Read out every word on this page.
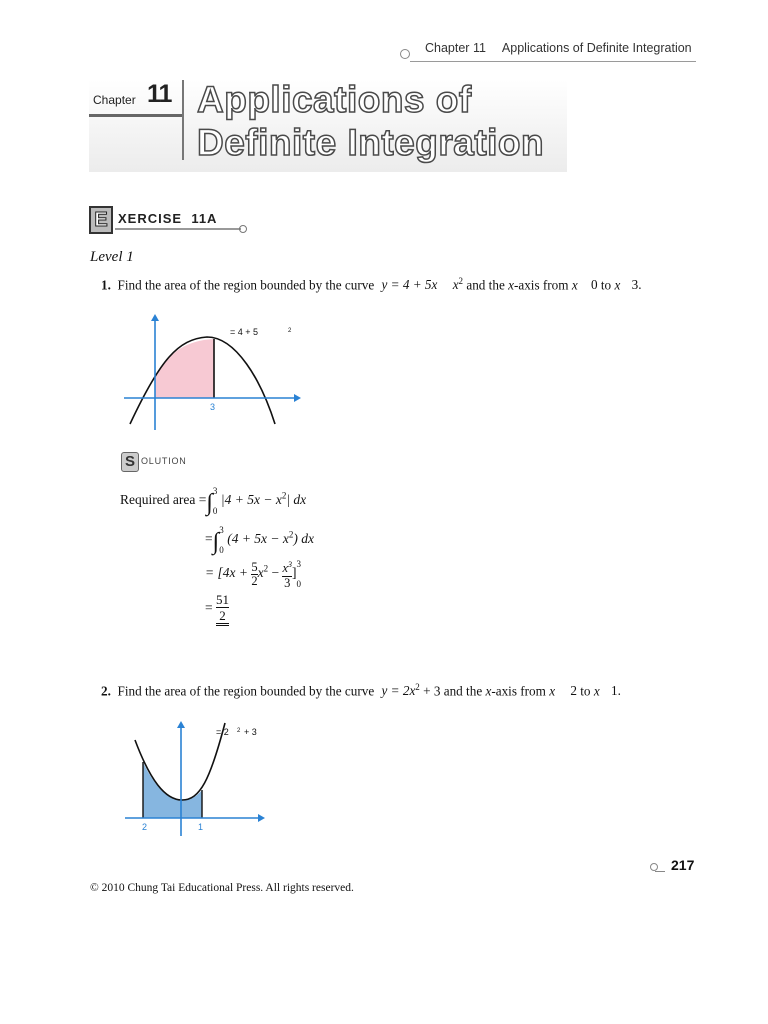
Chapter 11 Applications of Definite Integration
Chapter 11 Applications of
Definite Integration
E XERCISE 11A
Level 1
1. Find the area of the region bounded by the curve y = 4 + 5x $x^2$ and the x-axis from x 0 to x 3.
= 4 + 5	2
3
S OLUTION
Required area =∫ 3
0
$|4 + 5x - x^2|$ dx
=∫ 3
0
$(4 + 5x - x^2)$ dx
= [$4x + \frac{5}{2} x^2 - \frac{x^3}{3}$ ]
3
0
= $\frac{51}{2}$
2. Find the area of the region bounded by the curve $y = 2x^2 + 3$ and the x-axis from x 2 to x 1.
= 2 2 + 3
2	1
217
© 2010 Chung Tai Educational Press. All rights reserved.
